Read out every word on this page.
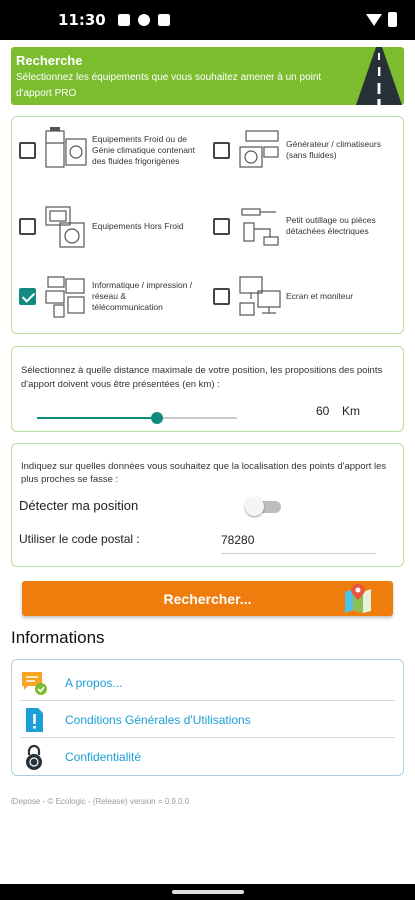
11:30
Recherche
Sélectionnez les équipements que vous souhaitez amener à un point d'apport PRO
Equipements Froid ou de Génie climatique contenant des fluides frigorigènes
Générateur / climatiseurs (sans fluides)
Equipements Hors Froid
Petit outillage ou pièces détachées électriques
Informatique / impression / réseau & télécommunication
Ecran et moniteur
Sélectionnez à quelle distance maximale de votre position, les propositions des points d'apport doivent vous être présentées (en km) :
60 Km
Indiquez sur quelles données vous souhaitez que la localisation des points d'apport les plus proches se fasse :
Détecter ma position
Utiliser le code postal :
78280
Rechercher...
Informations
A propos...
Conditions Générales d'Utilisations
Confidentialité
iDepose - © Ecologic - (Release) version = 0.9.0.0
